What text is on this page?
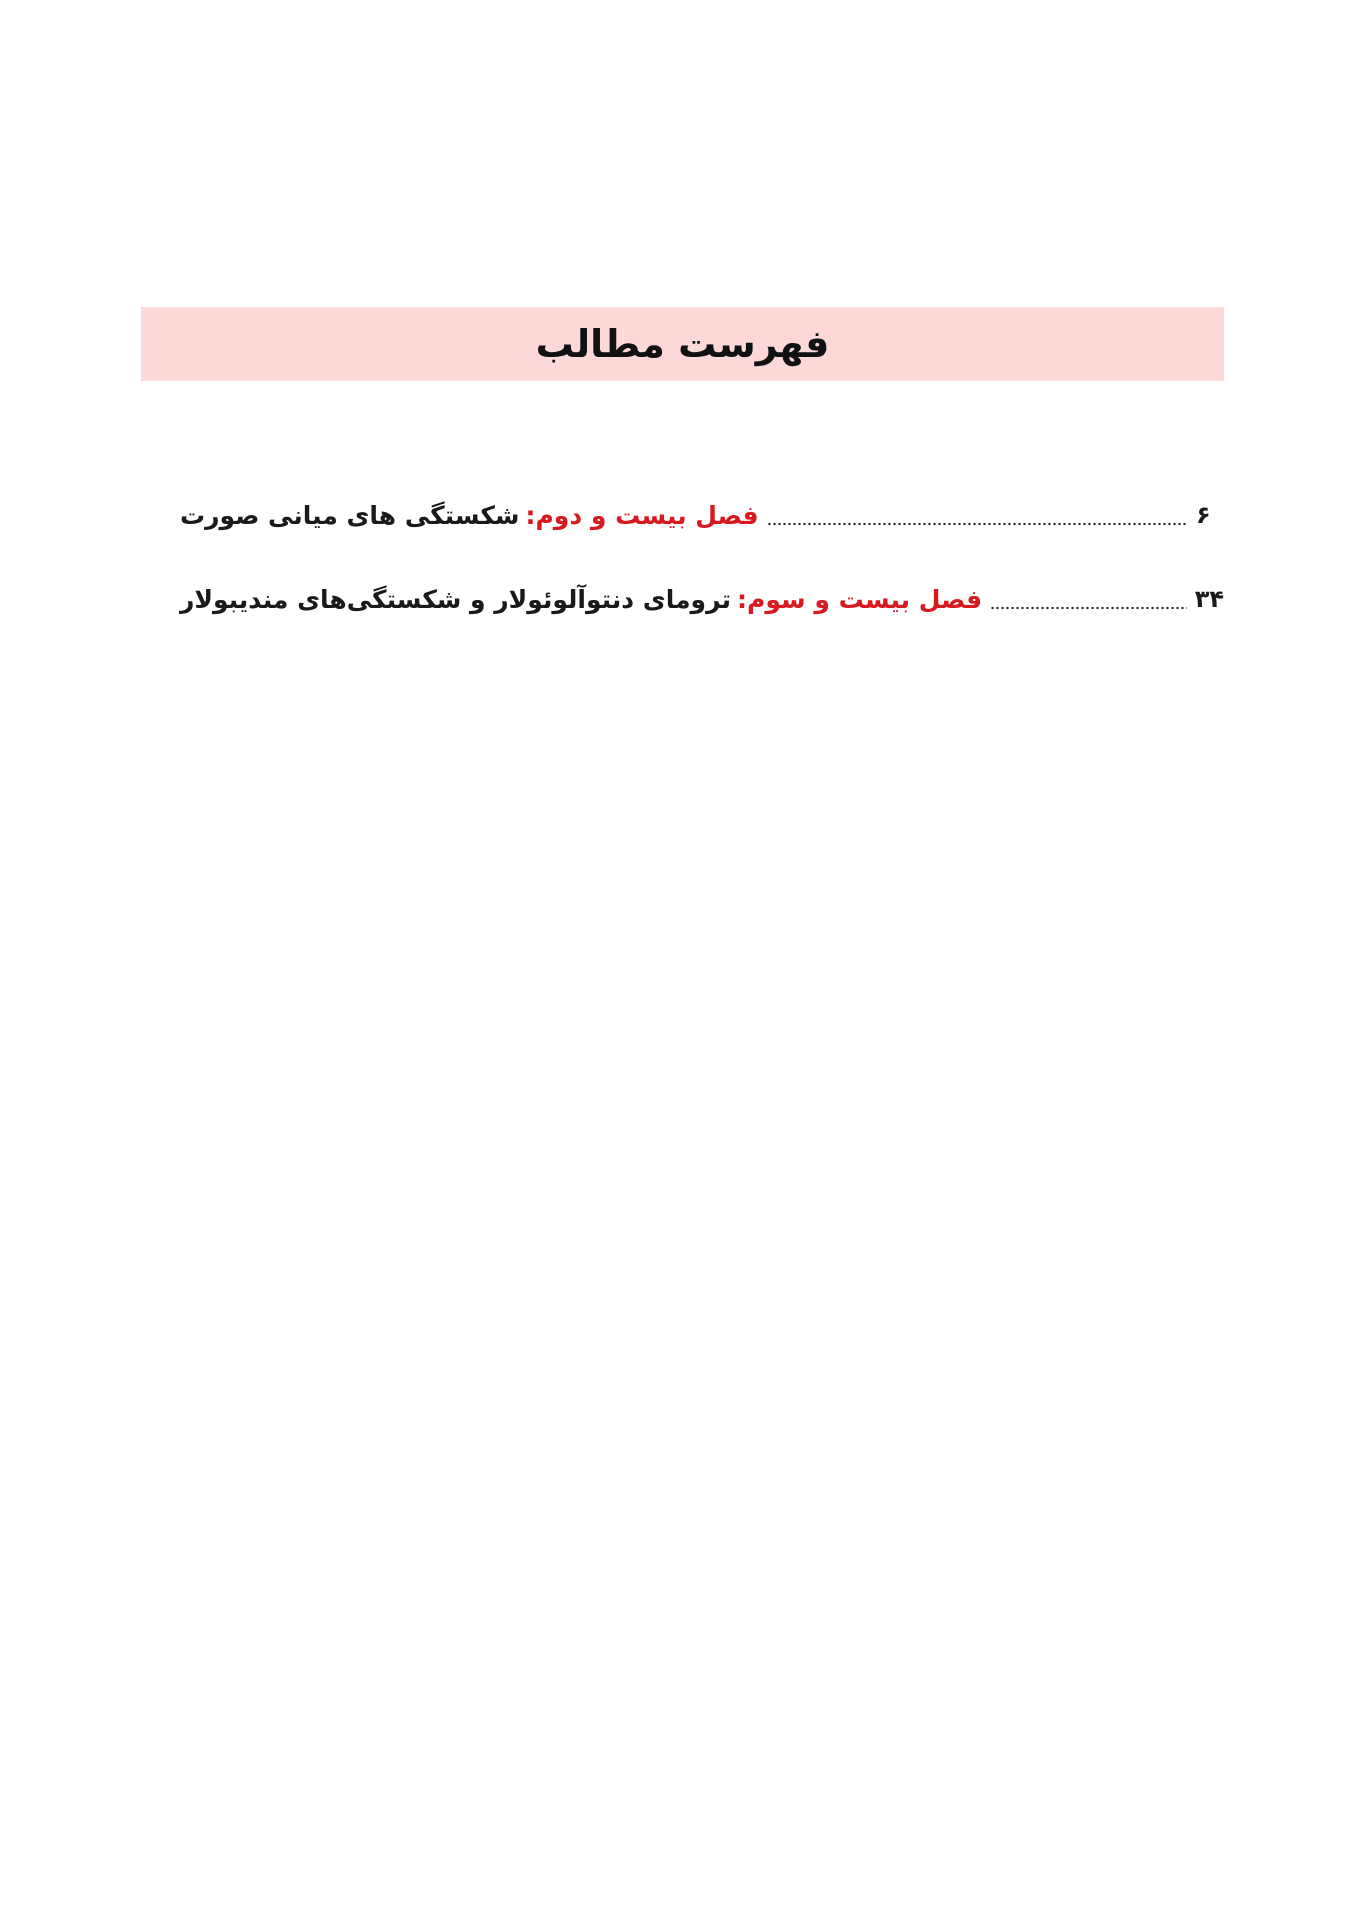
فهرست مطالب
فصل بیست و دوم:شکستگی های میانی صورت	۶
فصل بیست و سوم:ترومای دنتوآلوئولار و شکستگی‌های مندیبولار	۳۴
